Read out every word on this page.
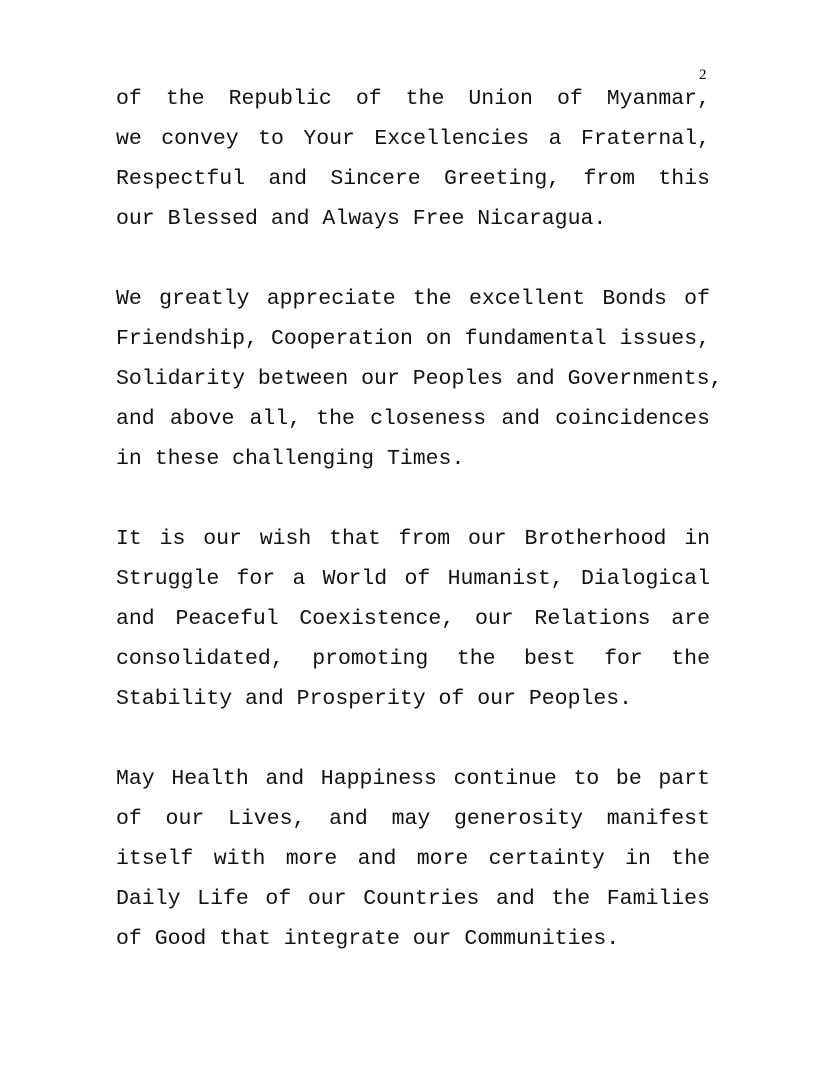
2
of the Republic of the Union of Myanmar,
we convey to Your Excellencies a Fraternal,
Respectful and Sincere Greeting, from this
our Blessed and Always Free Nicaragua.
We greatly appreciate the excellent Bonds of
Friendship, Cooperation on fundamental issues,
Solidarity between our Peoples and Governments,
and above all, the closeness and coincidences
in these challenging Times.
It is our wish that from our Brotherhood in
Struggle for a World of Humanist, Dialogical
and Peaceful Coexistence, our Relations are
consolidated, promoting the best for the
Stability and Prosperity of our Peoples.
May Health and Happiness continue to be part
of our Lives, and may generosity manifest
itself with more and more certainty in the
Daily Life of our Countries and the Families
of Good that integrate our Communities.
